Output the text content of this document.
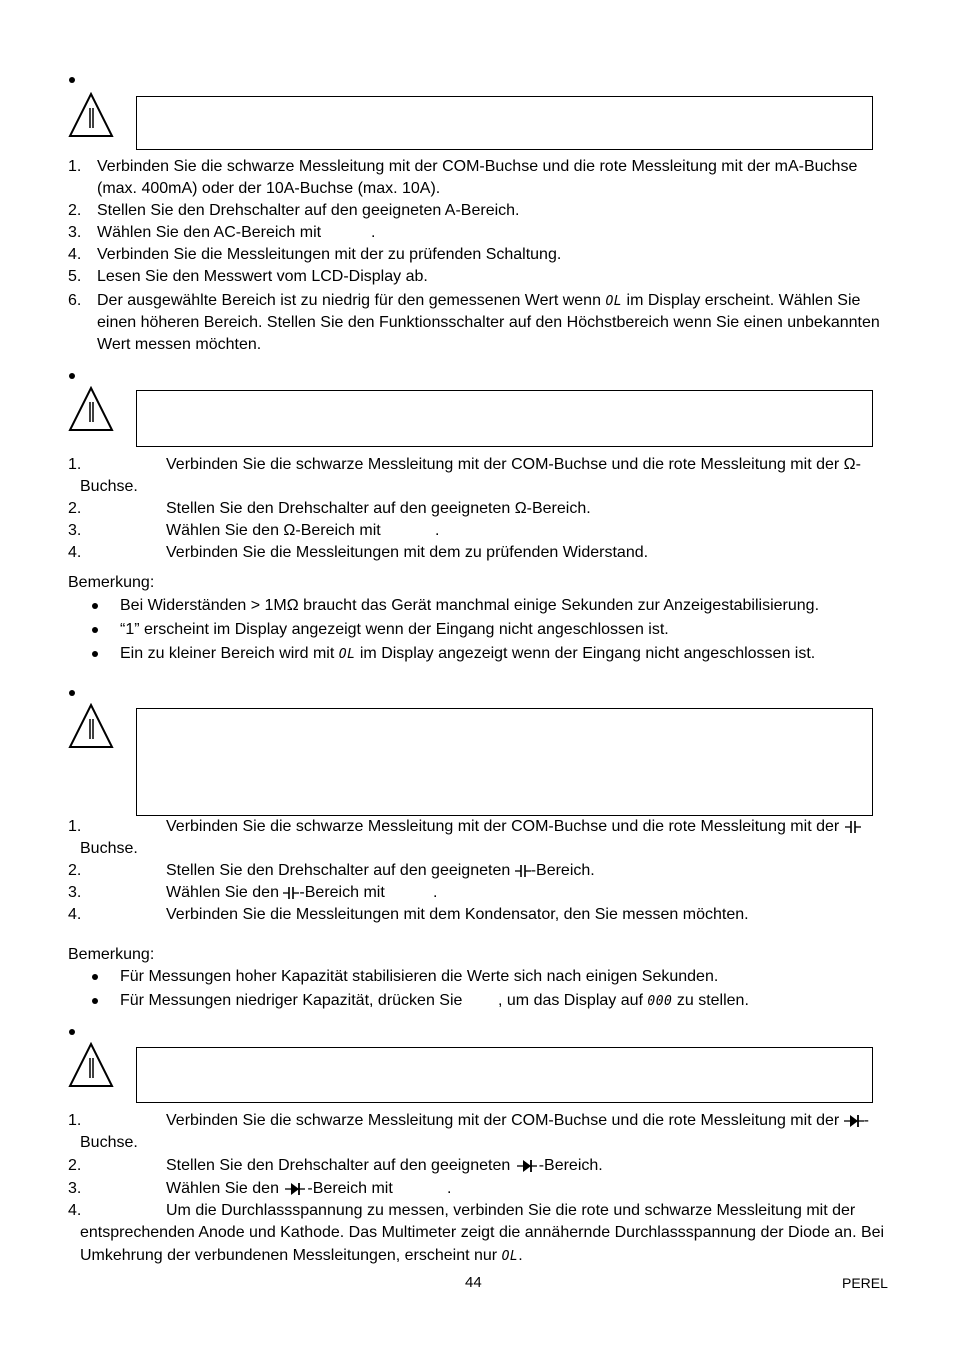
1. Verbinden Sie die schwarze Messleitung mit der COM-Buchse und die rote Messleitung mit der mA-Buchse
(max. 400mA) oder der 10A-Buchse (max. 10A).
2. Stellen Sie den Drehschalter auf den geeigneten A-Bereich.
3. Wählen Sie den AC-Bereich mit	.
4. Verbinden Sie die Messleitungen mit der zu prüfenden Schaltung.
5. Lesen Sie den Messwert vom LCD-Display ab.
6. Der ausgewählte Bereich ist zu niedrig für den gemessenen Wert wenn OL im Display erscheint. Wählen Sie
einen höheren Bereich. Stellen Sie den Funktionsschalter auf den Höchstbereich wenn Sie einen unbekannten
Wert messen möchten.
1.	Verbinden Sie die schwarze Messleitung mit der COM-Buchse und die rote Messleitung mit der Ω-
Buchse.
2.	Stellen Sie den Drehschalter auf den geeigneten Ω-Bereich.
3.	Wählen Sie den Ω-Bereich mit	.
4.	Verbinden Sie die Messleitungen mit dem zu prüfenden Widerstand.
Bemerkung:
Bei Widerständen > 1MΩ braucht das Gerät manchmal einige Sekunden zur Anzeigestabilisierung.
“1” erscheint im Display angezeigt wenn der Eingang nicht angeschlossen ist.
Ein zu kleiner Bereich wird mit OL im Display angezeigt wenn der Eingang nicht angeschlossen ist.
1.	Verbinden Sie die schwarze Messleitung mit der COM-Buchse und die rote Messleitung mit der
Buchse.
2.	Stellen Sie den Drehschalter auf den geeigneten -Bereich.
3.	Wählen Sie den -Bereich mit	.
4.	Verbinden Sie die Messleitungen mit dem Kondensator, den Sie messen möchten.
Bemerkung:
Für Messungen hoher Kapazität stabilisieren die Werte sich nach einigen Sekunden.
Für Messungen niedriger Kapazität, drücken Sie , um das Display auf 000 zu stellen.
1.	Verbinden Sie die schwarze Messleitung mit der COM-Buchse und die rote Messleitung mit der -
Buchse.
2.	Stellen Sie den Drehschalter auf den geeigneten -Bereich.
3.	Wählen Sie den -Bereich mit	.
4.	Um die Durchlassspannung zu messen, verbinden Sie die rote und schwarze Messleitung mit der
entsprechenden Anode und Kathode. Das Multimeter zeigt die annähernde Durchlassspannung der Diode an. Bei
Umkehrung der verbundenen Messleitungen, erscheint nur OL.
44	PEREL
